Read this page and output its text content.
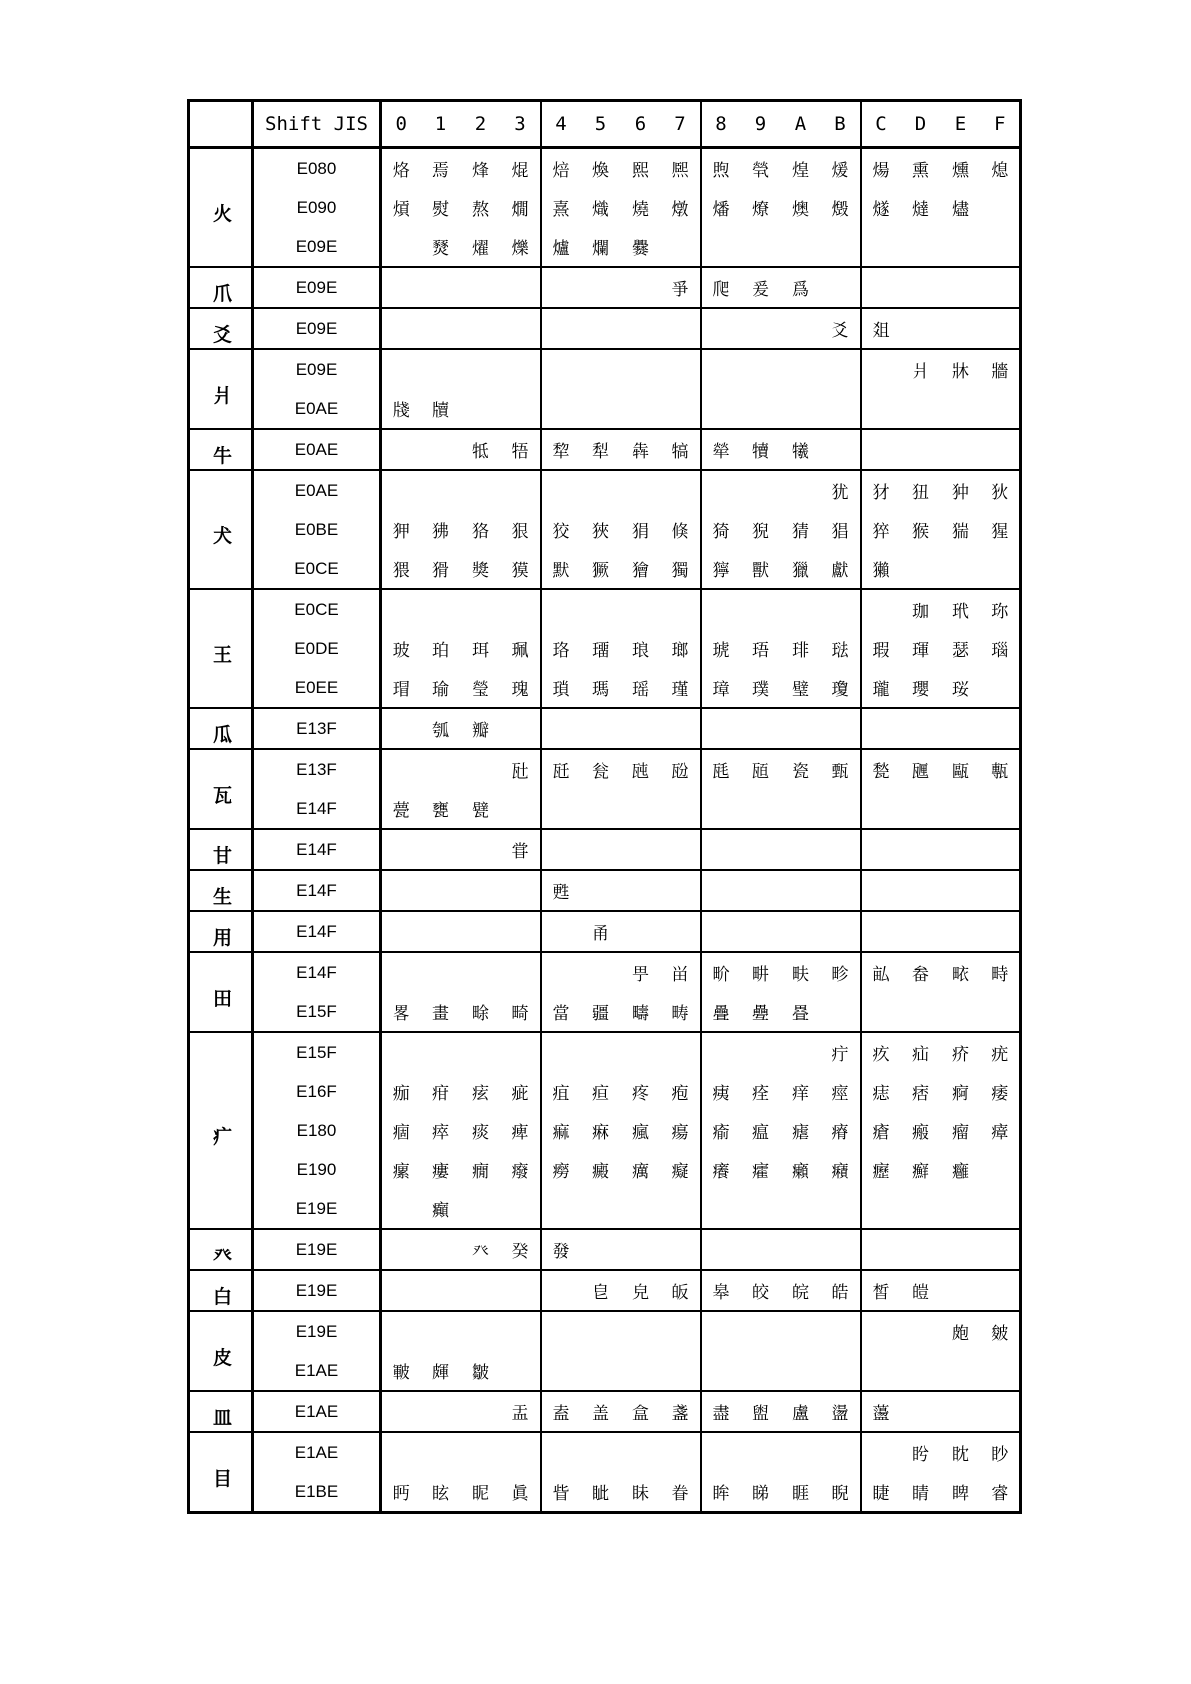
	Shift JIS	0	1	2	3	4	5	6	7	8	9	A	B	C	D	E	F
火	E080	烙	焉	烽	焜	焙	煥	熙	熈	煦	煢	煌	煖	煬	熏	燻	熄
	E090	熕	熨	熬	燗	熹	熾	燒	燉	燔	燎	燠	燬	燧	燵	燼	
	E09E		燹	燿	爍	爐	爛	爨									
爪	E09E								爭	爬	爰	爲					
爻	E09E												爻	爼			
爿	E09E														爿	牀	牆
	E0AE	牋	牘														
牛	E0AE			牴	牾	犂	犁	犇	犒	犖	犢	犧					
犬	E0AE												犹	犲	狃	狆	狄
	E0BE	狎	狒	狢	狠	狡	狹	狷	倏	猗	猊	猜	猖	猝	猴	猯	猩
	E0CE	猥	猾	獎	獏	默	獗	獪	獨	獰	獸	獵	獻	獺			
王	E0CE														珈	玳	珎
	E0DE	玻	珀	珥	珮	珞	璢	琅	瑯	琥	珸	琲	琺	瑕	琿	瑟	瑙
	E0EE	瑁	瑜	瑩	瑰	瑣	瑪	瑶	瑾	璋	璞	璧	瓊	瓏	瓔	珱	
瓜	E13F		瓠	瓣													
瓦	E13F				瓧	瓩	瓮	瓲	瓰	瓱	瓸	瓷	甄	甃	甅	甌	甎
	E14F	甍	甕	甓													
甘	E14F				甞												
生	E14F					甦											
用	E14F						甬										
田	E14F							甼	畄	畍	畊	畉	畛	畆	畚	畩	畤
	E15F	畧	畫	畭	畸	當	疆	疇	畴	疊	疉	疂					
疒	E15F												疔	疚	疝	疥	疣
	E16F	痂	疳	痃	疵	疽	疸	疼	疱	痍	痊	痒	痙	痣	痞	痾	痿
	E180	痼	瘁	痰	痺	痲	痳	瘋	瘍	瘉	瘟	瘧	瘠	瘡	瘢	瘤	瘴
	E190	瘰	瘻	癇	癈	癆	癜	癘	癡	癢	癨	癩	癪	癧	癬	癰	
	E19E		癲														
癶	E19E			癶	癸	發											
白	E19E						皀	皃	皈	皋	皎	皖	皓	皙	皚		
皮	E19E															皰	皴
	E1AE	皸	皹	皺													
皿	E1AE				盂	盍	盖	盒	盞	盡	盥	盧	盪	蘯			
目	E1AE														盻	眈	眇
	E1BE	眄	眩	眤	眞	眥	眦	眛	眷	眸	睇	睚	睨	睫	睛	睥	睿
